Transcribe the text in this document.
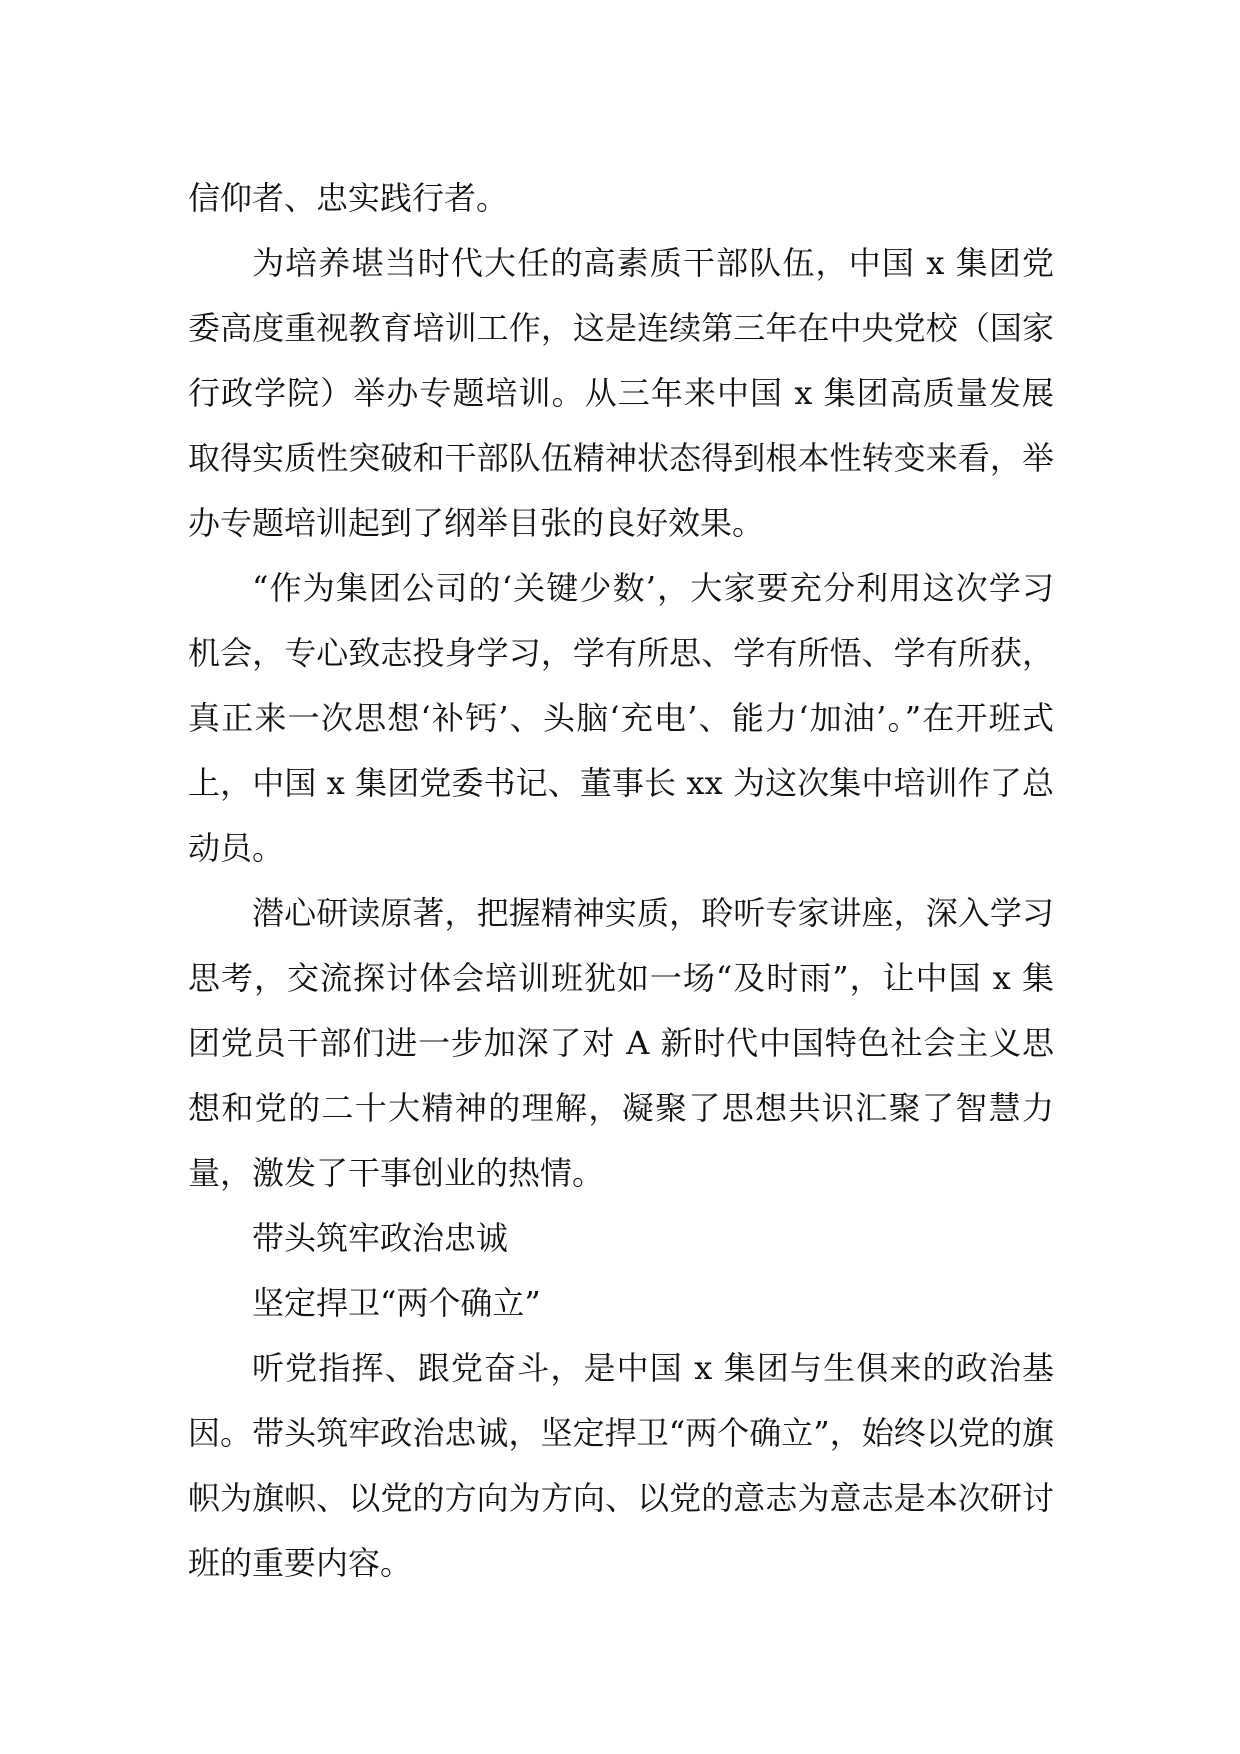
信仰者、忠实践行者。

为培养堪当时代大任的高素质干部队伍，中国 x 集团党委高度重视教育培训工作，这是连续第三年在中央党校（国家行政学院）举办专题培训。从三年来中国 x 集团高质量发展取得实质性突破和干部队伍精神状态得到根本性转变来看，举办专题培训起到了纲举目张的良好效果。

“作为集团公司的‘关键少数’，大家要充分利用这次学习机会，专心致志投身学习，学有所思、学有所悟、学有所获，真正来一次思想‘补钙’、头脑‘充电’、能力‘加油’。”在开班式上，中国 x 集团党委书记、董事长 xx 为这次集中培训作了总动员。

潜心研读原著，把握精神实质，聆听专家讲座，深入学习思考，交流探讨体会培训班犹如一场“及时雨”，让中国 x 集团党员干部们进一步加深了对 A 新时代中国特色社会主义思想和党的二十大精神的理解，凝聚了思想共识汇聚了智慧力量，激发了干事创业的热情。

带头筑牢政治忠诚

坚定捍卫“两个确立”

听党指挥、跟党奋斗，是中国 x 集团与生俱来的政治基因。带头筑牢政治忠诚，坚定捍卫“两个确立”，始终以党的旗帜为旗帜、以党的方向为方向、以党的意志为意志是本次研讨班的重要内容。
